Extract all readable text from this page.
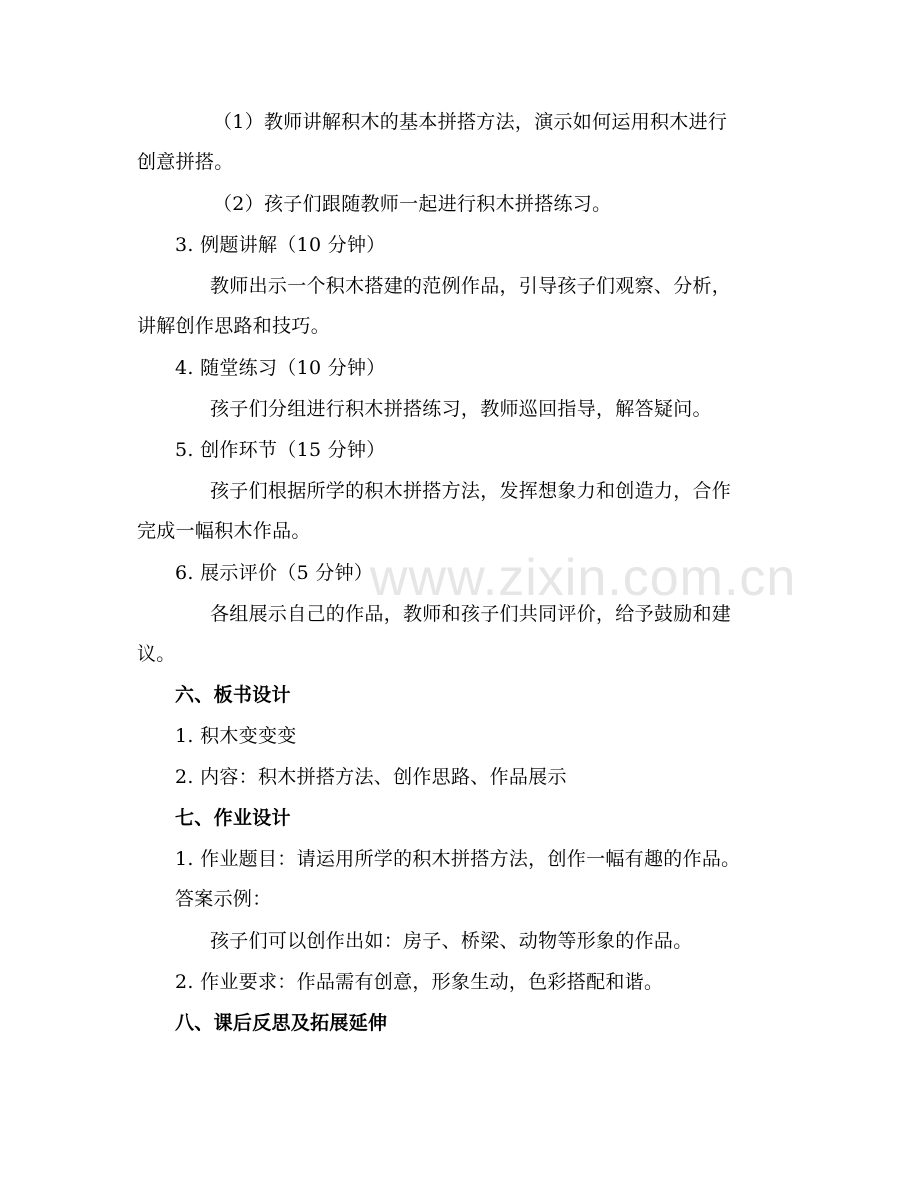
www.zixin.com.cn
（1）教师讲解积木的基本拼搭方法，演示如何运用积木进行
创意拼搭。
（2）孩子们跟随教师一起进行积木拼搭练习。
3. 例题讲解（10 分钟）
教师出示一个积木搭建的范例作品，引导孩子们观察、分析，
讲解创作思路和技巧。
4. 随堂练习（10 分钟）
孩子们分组进行积木拼搭练习，教师巡回指导，解答疑问。
5. 创作环节（15 分钟）
孩子们根据所学的积木拼搭方法，发挥想象力和创造力，合作
完成一幅积木作品。
6. 展示评价（5 分钟）
各组展示自己的作品，教师和孩子们共同评价，给予鼓励和建
议。
六、板书设计
1. 积木变变变
2. 内容：积木拼搭方法、创作思路、作品展示
七、作业设计
1. 作业题目：请运用所学的积木拼搭方法，创作一幅有趣的作品。
答案示例：
孩子们可以创作出如：房子、桥梁、动物等形象的作品。
2. 作业要求：作品需有创意，形象生动，色彩搭配和谐。
八、课后反思及拓展延伸
